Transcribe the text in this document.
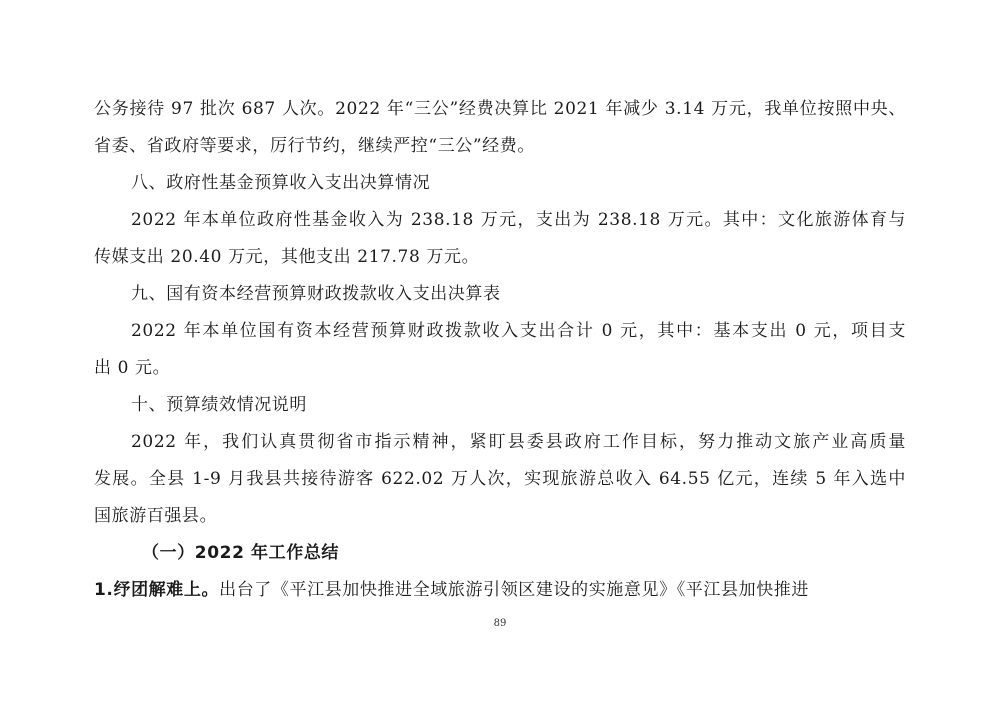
公务接待 97 批次 687 人次。2022 年“三公”经费决算比 2021 年减少 3.14 万元，我单位按照中央、
省委、省政府等要求，厉行节约，继续严控“三公”经费。
八、政府性基金预算收入支出决算情况
2022 年本单位政府性基金收入为 238.18 万元，支出为 238.18 万元。其中：文化旅游体育与
传媒支出 20.40 万元，其他支出 217.78 万元。
九、国有资本经营预算财政拨款收入支出决算表
2022 年本单位国有资本经营预算财政拨款收入支出合计 0 元，其中：基本支出 0 元，项目支
出 0 元。
十、预算绩效情况说明
2022 年，我们认真贯彻省市指示精神，紧盯县委县政府工作目标，努力推动文旅产业高质量
发展。全县 1-9 月我县共接待游客 622.02 万人次，实现旅游总收入 64.55 亿元，连续 5 年入选中
国旅游百强县。
（一）2022 年工作总结
1.纾团解难上。出台了《平江县加快推进全域旅游引领区建设的实施意见》《平江县加快推进
89
